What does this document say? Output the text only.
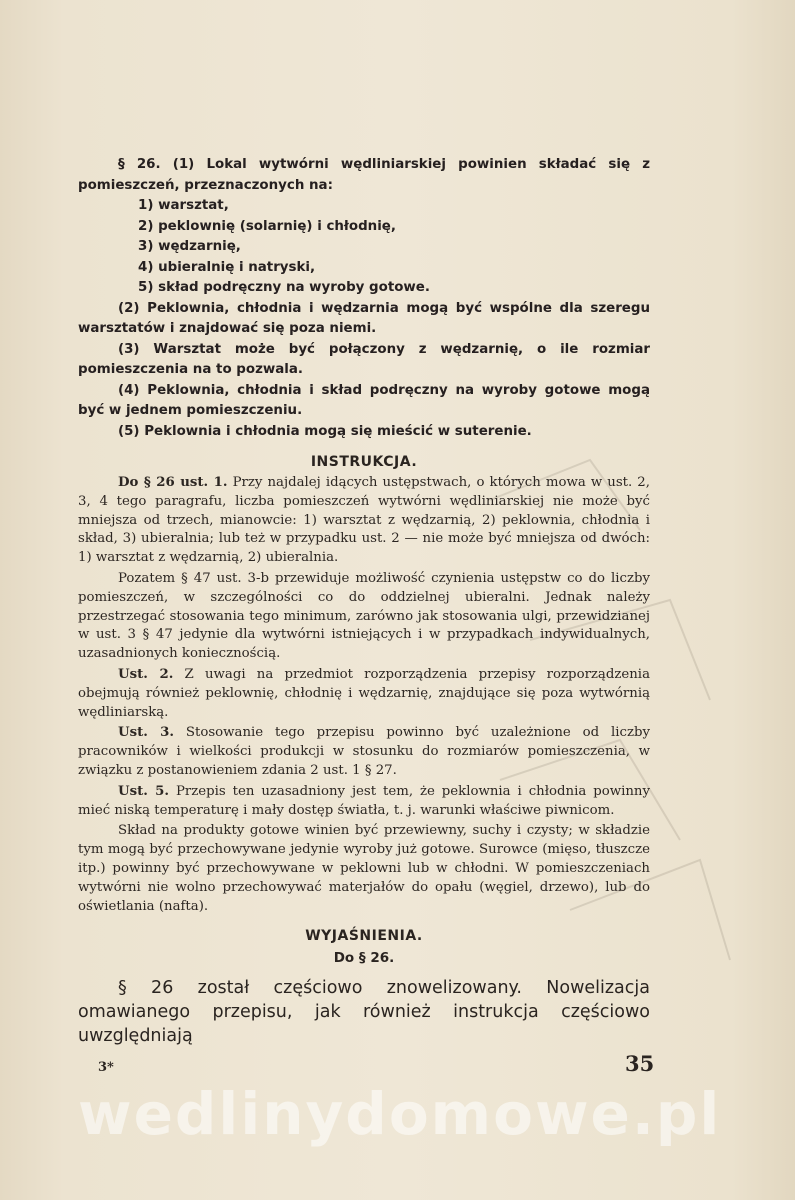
§ 26. (1) Lokal wytwórni wędliniarskiej powinien składać się z pomieszczeń, przeznaczonych na:

1) warsztat,
2) peklownię (solarnię) i chłodnię,
3) wędzarnię,
4) ubieralnię i natryski,
5) skład podręczny na wyroby gotowe.

(2) Peklownia, chłodnia i wędzarnia mogą być wspólne dla szeregu warsztatów i znajdować się poza niemi.

(3) Warsztat może być połączony z wędzarnię, o ile rozmiar pomieszczenia na to pozwala.

(4) Peklownia, chłodnia i skład podręczny na wyroby gotowe mogą być w jednem pomieszczeniu.

(5) Peklownia i chłodnia mogą się mieścić w suterenie.

INSTRUKCJA.

Do § 26 ust. 1. Przy najdalej idących ustępstwach, o których mowa w ust. 2, 3, 4 tego paragrafu, liczba pomieszczeń wytwórni wędliniarskiej nie może być mniejsza od trzech, mianowcie: 1) warsztat z wędzarnią, 2) peklownia, chłodnia i skład, 3) ubieralnia; lub też w przypadku ust. 2 — nie może być mniejsza od dwóch: 1) warsztat z wędzarnią, 2) ubieralnia.

Pozatem § 47 ust. 3-b przewiduje możliwość czynienia ustępstw co do liczby pomieszczeń, w szczególności co do oddzielnej ubieralni. Jednak należy przestrzegać stosowania tego minimum, zarówno jak stosowania ulgi, przewidzianej w ust. 3 § 47 jedynie dla wytwórni istniejących i w przypadkach indywidualnych, uzasadnionych koniecznością.

Ust. 2. Z uwagi na przedmiot rozporządzenia przepisy rozporządzenia obejmują również peklownię, chłodnię i wędzarnię, znajdujące się poza wytwórnią wędliniarską.

Ust. 3. Stosowanie tego przepisu powinno być uzależnione od liczby pracowników i wielkości produkcji w stosunku do rozmiarów pomieszczenia, w związku z postanowieniem zdania 2 ust. 1 § 27.

Ust. 5. Przepis ten uzasadniony jest tem, że peklownia i chłodnia powinny mieć niską temperaturę i mały dostęp światła, t. j. warunki właściwe piwnicom.

Skład na produkty gotowe winien być przewiewny, suchy i czysty; w składzie tym mogą być przechowywane jedynie wyroby już gotowe. Surowce (mięso, tłuszcze itp.) powinny być przechowywane w peklowni lub w chłodni. W pomieszczeniach wytwórni nie wolno przechowywać materjałów do opału (węgiel, drzewo), lub do oświetlania (nafta).

WYJAŚNIENIA.
Do § 26.

§ 26 został częściowo znowelizowany. Nowelizacja omawianego przepisu, jak również instrukcja częściowo uwzględniają

3*	35
wedlinydomowe.pl
